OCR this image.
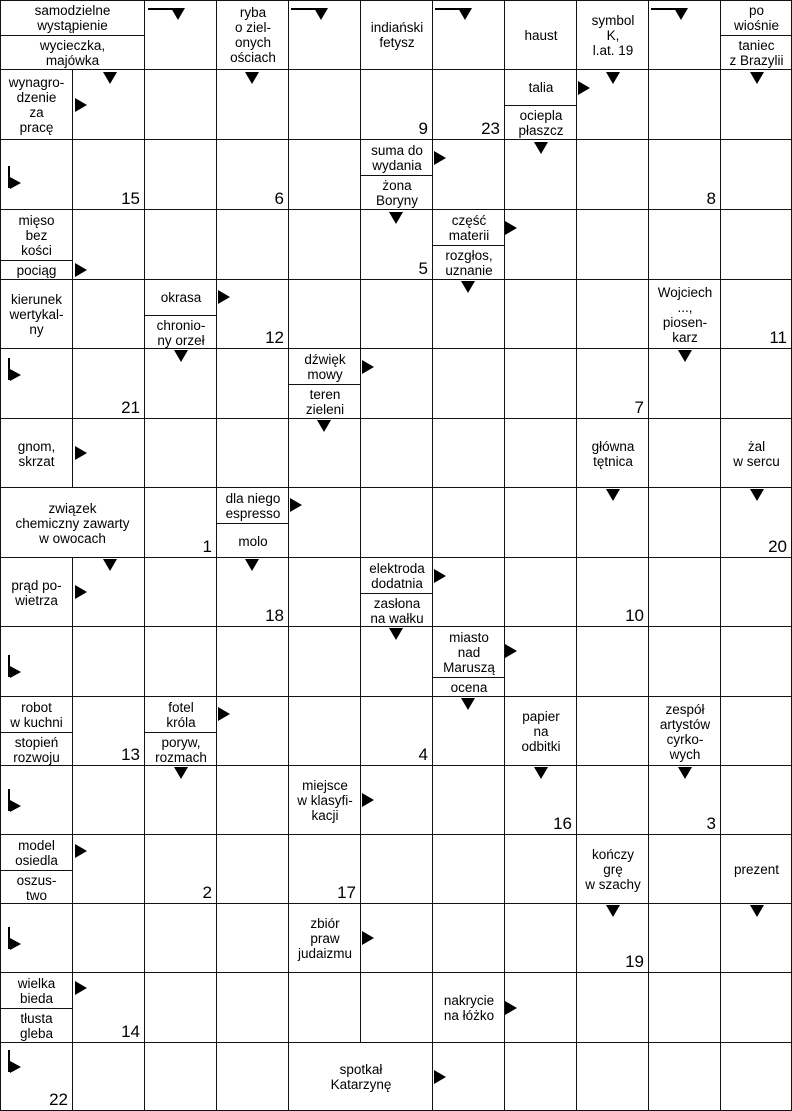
samodzielne
wystąpienie
wycieczka,
majówka
ryba
o ziel-
onych
ościach
indiański
fetysz	haust
symbol
K,
l.at. 19
po
wiośnie
taniec
z Brazylii
wynagro-
dzenie
za
pracę
talia
ociepla
płaszcz
suma do
wydania
żona
Boryny
mięso
bez
kości
pociąg
część
materii
rozgłos,
uznanie
kierunek
wertykal-
ny
okrasa
chronio-
ny orzeł
Wojciech
...,
piosen-
karz
dźwięk
mowy
teren
zieleni
gnom,
skrzat
główna
tętnica
żal
w sercu
związek
chemiczny zawarty
w owocach
dla niego
espresso
molo
prąd po-
wietrza
elektroda
dodatnia
zasłona
na wałku
miasto
nad
Maruszą
ocena
robot
w kuchni
stopień
rozwoju
fotel
króla
poryw,
rozmach
papier
na
odbitki
zespół
artystów
cyrko-
wych
miejsce
w klasyfi-
kacji
model
osiedla
oszus-
two
kończy
grę
w szachy
prezent
zbiór
praw
judaizmu
wielka
bieda
tłusta
gleba
nakrycie
na łóżko
spotkał
Katarzynę
9	23
15	6	8
5
12	11
21	7
1	20
18	10
13	4
16	3
2	17
19
14
22
